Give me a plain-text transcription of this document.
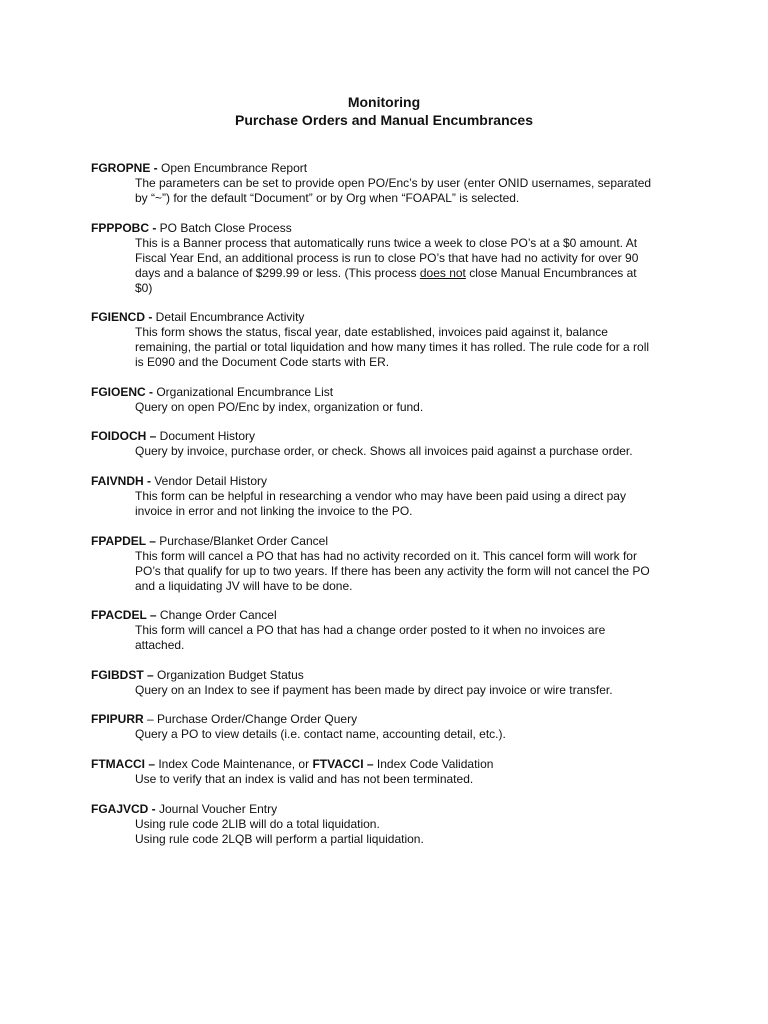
Monitoring
Purchase Orders and Manual Encumbrances
FGROPNE - Open Encumbrance Report
The parameters can be set to provide open PO/Enc’s by user (enter ONID usernames, separated
by “~”) for the default “Document” or by Org when “FOAPAL” is selected.
FPPPOBC - PO Batch Close Process
This is a Banner process that automatically runs twice a week to close PO’s at a $0 amount. At
Fiscal Year End, an additional process is run to close PO’s that have had no activity for over 90
days and a balance of $299.99 or less. (This process does not close Manual Encumbrances at
$0)
FGIENCD - Detail Encumbrance Activity
This form shows the status, fiscal year, date established, invoices paid against it, balance
remaining, the partial or total liquidation and how many times it has rolled. The rule code for a roll
is E090 and the Document Code starts with ER.
FGIOENC - Organizational Encumbrance List
Query on open PO/Enc by index, organization or fund.
FOIDOCH – Document History
Query by invoice, purchase order, or check. Shows all invoices paid against a purchase order.
FAIVNDH - Vendor Detail History
This form can be helpful in researching a vendor who may have been paid using a direct pay
invoice in error and not linking the invoice to the PO.
FPAPDEL – Purchase/Blanket Order Cancel
This form will cancel a PO that has had no activity recorded on it. This cancel form will work for
PO’s that qualify for up to two years. If there has been any activity the form will not cancel the PO
and a liquidating JV will have to be done.
FPACDEL – Change Order Cancel
This form will cancel a PO that has had a change order posted to it when no invoices are
attached.
FGIBDST – Organization Budget Status
Query on an Index to see if payment has been made by direct pay invoice or wire transfer.
FPIPURR – Purchase Order/Change Order Query
Query a PO to view details (i.e. contact name, accounting detail, etc.).
FTMACCI – Index Code Maintenance, or FTVACCI – Index Code Validation
Use to verify that an index is valid and has not been terminated.
FGAJVCD - Journal Voucher Entry
Using rule code 2LIB will do a total liquidation.
Using rule code 2LQB will perform a partial liquidation.
